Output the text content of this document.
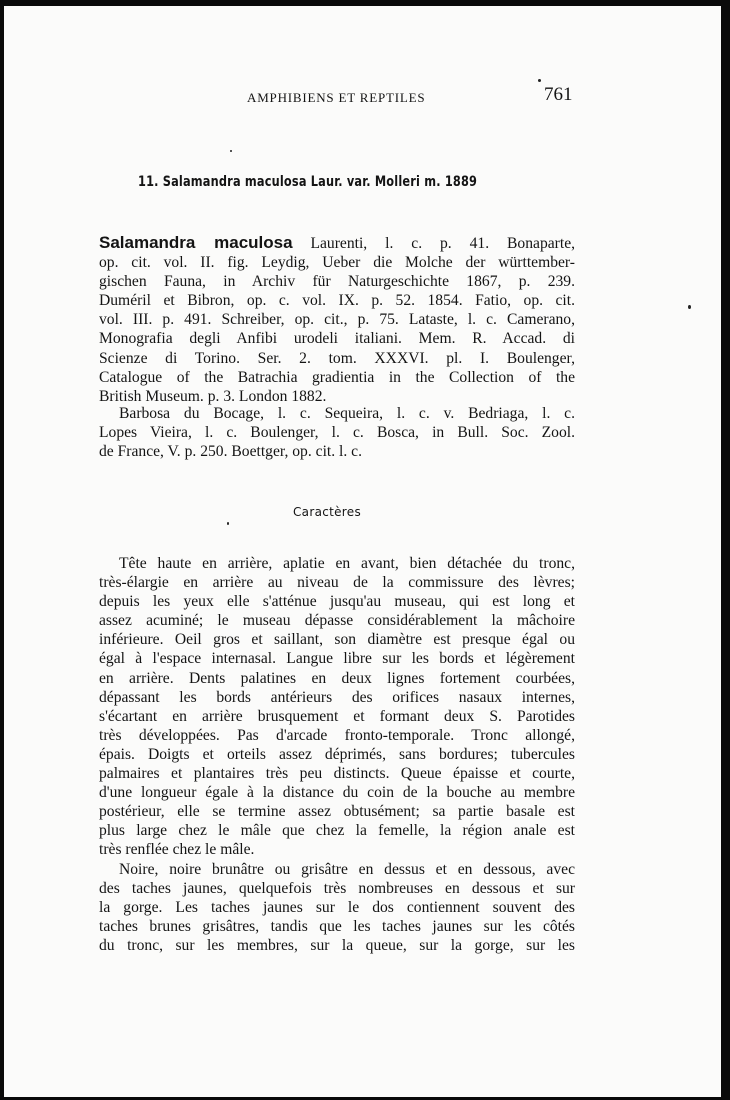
AMPHIBIENS ET REPTILES	761
11. Salamandra maculosa Laur. var. Molleri m. 1889
Salamandra maculosa Laurenti, l. c. p. 41. Bonaparte,
op. cit. vol. II. fig. Leydig, Ueber die Molche der württember-
gischen Fauna, in Archiv für Naturgeschichte 1867, p. 239.
Duméril et Bibron, op. c. vol. IX. p. 52. 1854. Fatio, op. cit.
vol. III. p. 491. Schreiber, op. cit., p. 75. Lataste, l. c. Camerano,
Monografia degli Anfibi urodeli italiani. Mem. R. Accad. di
Scienze di Torino. Ser. 2. tom. XXXVI. pl. I. Boulenger,
Catalogue of the Batrachia gradientia in the Collection of the
British Museum. p. 3. London 1882.
Barbosa du Bocage, l. c. Sequeira, l. c. v. Bedriaga, l. c.
Lopes Vieira, l. c. Boulenger, l. c. Bosca, in Bull. Soc. Zool.
de France, V. p. 250. Boettger, op. cit. l. c.
Caractères
Tête haute en arrière, aplatie en avant, bien détachée du tronc,
très-élargie en arrière au niveau de la commissure des lèvres;
depuis les yeux elle s'atténue jusqu'au museau, qui est long et
assez acuminé; le museau dépasse considérablement la mâchoire
inférieure. Oeil gros et saillant, son diamètre est presque égal ou
égal à l'espace internasal. Langue libre sur les bords et légèrement
en arrière. Dents palatines en deux lignes fortement courbées,
dépassant les bords antérieurs des orifices nasaux internes,
s'écartant en arrière brusquement et formant deux S. Parotides
très développées. Pas d'arcade fronto-temporale. Tronc allongé,
épais. Doigts et orteils assez déprimés, sans bordures; tubercules
palmaires et plantaires très peu distincts. Queue épaisse et courte,
d'une longueur égale à la distance du coin de la bouche au membre
postérieur, elle se termine assez obtusément; sa partie basale est
plus large chez le mâle que chez la femelle, la région anale est
très renflée chez le mâle.
Noire, noire brunâtre ou grisâtre en dessus et en dessous, avec
des taches jaunes, quelquefois très nombreuses en dessous et sur
la gorge. Les taches jaunes sur le dos contiennent souvent des
taches brunes grisâtres, tandis que les taches jaunes sur les côtés
du tronc, sur les membres, sur la queue, sur la gorge, sur les
